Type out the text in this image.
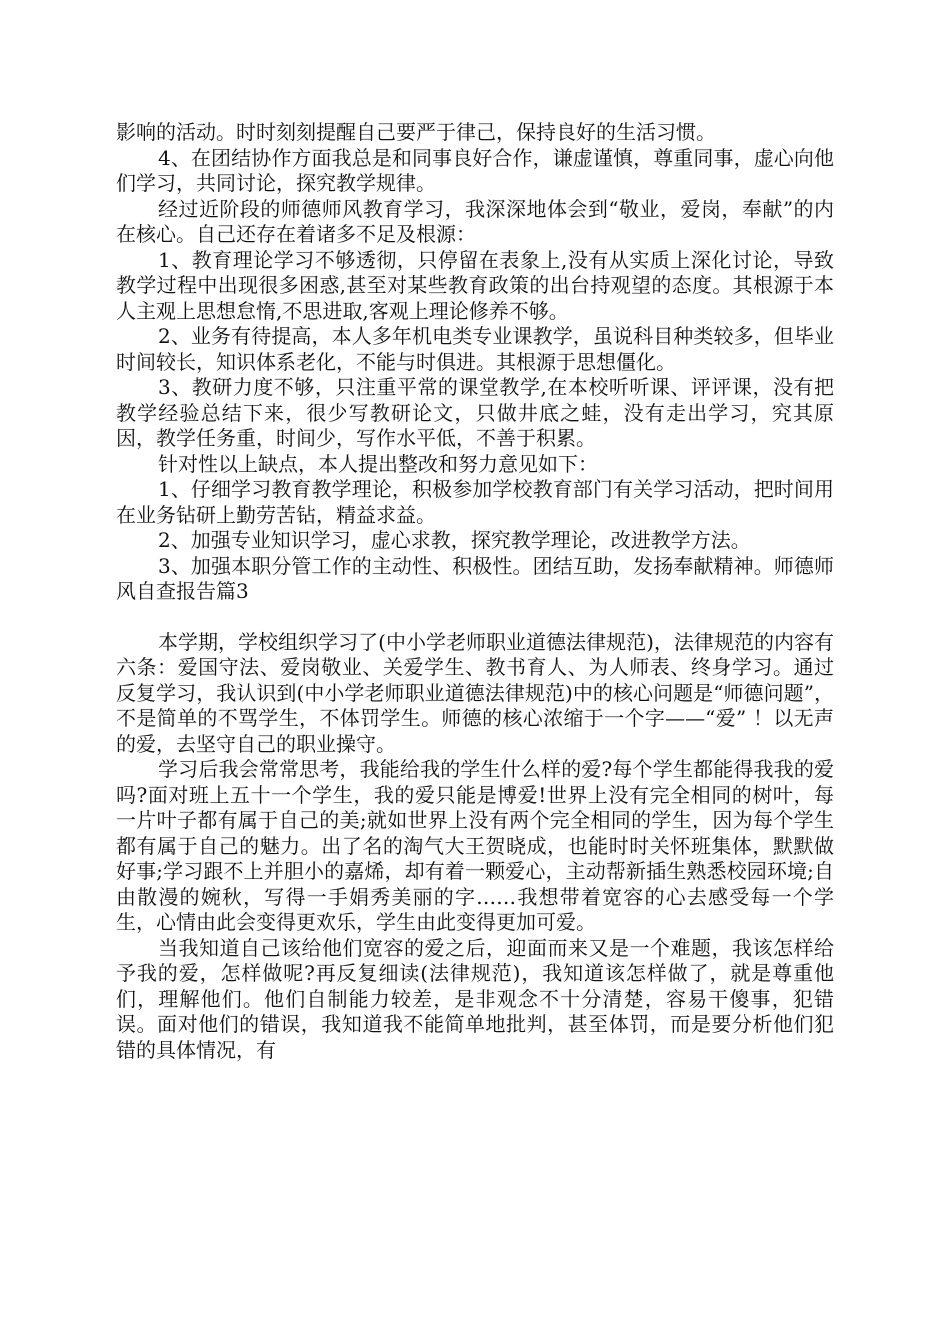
影响的活动。时时刻刻提醒自己要严于律己，保持良好的生活习惯。

4、在团结协作方面我总是和同事良好合作，谦虚谨慎，尊重同事，虚心向他们学习，共同讨论，探究教学规律。

经过近阶段的师德师风教育学习，我深深地体会到“敬业，爱岗，奉献”的内在核心。自己还存在着诸多不足及根源：

1、教育理论学习不够透彻，只停留在表象上,没有从实质上深化讨论，导致教学过程中出现很多困惑,甚至对某些教育政策的出台持观望的态度。其根源于本人主观上思想怠惰,不思进取,客观上理论修养不够。

2、业务有待提高，本人多年机电类专业课教学，虽说科目种类较多，但毕业时间较长，知识体系老化，不能与时俱进。其根源于思想僵化。

3、教研力度不够，只注重平常的课堂教学,在本校听听课、评评课，没有把教学经验总结下来，很少写教研论文，只做井底之蛙，没有走出学习，究其原因，教学任务重，时间少，写作水平低，不善于积累。

针对性以上缺点，本人提出整改和努力意见如下：

1、仔细学习教育教学理论，积极参加学校教育部门有关学习活动，把时间用在业务钻研上勤劳苦钻，精益求益。

2、加强专业知识学习，虚心求教，探究教学理论，改进教学方法。

3、加强本职分管工作的主动性、积极性。团结互助，发扬奉献精神。师德师风自查报告篇3

本学期，学校组织学习了(中小学老师职业道德法律规范)，法律规范的内容有六条：爱国守法、爱岗敬业、关爱学生、教书育人、为人师表、终身学习。通过反复学习，我认识到(中小学老师职业道德法律规范)中的核心问题是“师德问题”，不是简单的不骂学生，不体罚学生。师德的核心浓缩于一个字——“爱” ！以无声的爱，去坚守自己的职业操守。

学习后我会常常思考，我能给我的学生什么样的爱?每个学生都能得我我的爱吗?面对班上五十一个学生，我的爱只能是博爱!世界上没有完全相同的树叶，每一片叶子都有属于自己的美;就如世界上没有两个完全相同的学生，因为每个学生都有属于自己的魅力。出了名的淘气大王贺晓成，也能时时关怀班集体，默默做好事;学习跟不上并胆小的嘉烯，却有着一颗爱心，主动帮新插生熟悉校园环境;自由散漫的婉秋，写得一手娟秀美丽的字……我想带着宽容的心去感受每一个学生，心情由此会变得更欢乐，学生由此变得更加可爱。

当我知道自己该给他们宽容的爱之后，迎面而来又是一个难题，我该怎样给予我的爱，怎样做呢?再反复细读(法律规范)，我知道该怎样做了，就是尊重他们，理解他们。他们自制能力较差，是非观念不十分清楚，容易干傻事，犯错误。面对他们的错误，我知道我不能简单地批判，甚至体罚，而是要分析他们犯错的具体情况，有
